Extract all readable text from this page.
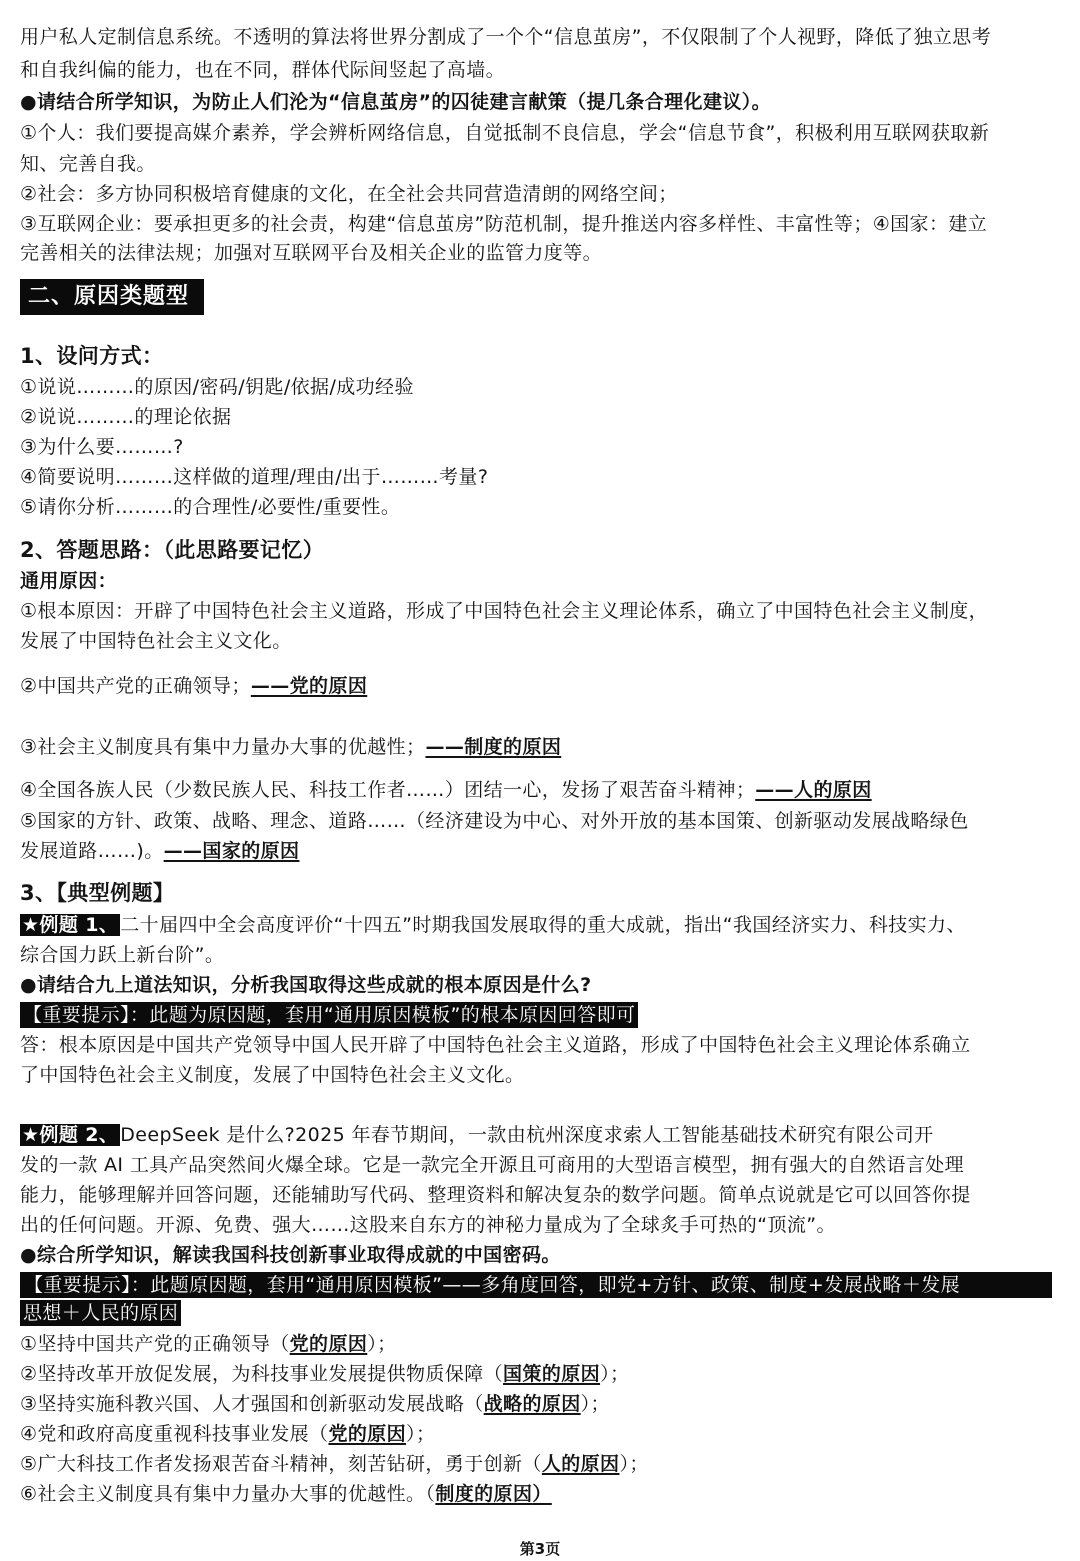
用户私人定制信息系统。不透明的算法将世界分割成了一个个“信息茧房”，不仅限制了个人视野，降低了独立思考
和自我纠偏的能力，也在不同，群体代际间竖起了高墙。
●请结合所学知识，为防止人们沦为“信息茧房”的囚徒建言献策（提几条合理化建议）。
①个人：我们要提高媒介素养，学会辨析网络信息，自觉抵制不良信息，学会“信息节食”，积极利用互联网获取新
知、完善自我。
②社会：多方协同积极培育健康的文化，在全社会共同营造清朗的网络空间；
③互联网企业：要承担更多的社会责，构建“信息茧房”防范机制，提升推送内容多样性、丰富性等；④国家：建立
完善相关的法律法规；加强对互联网平台及相关企业的监管力度等。
二、原因类题型
1、设问方式：
①说说………的原因/密码/钥匙/依据/成功经验
②说说………的理论依据
③为什么要………?
④简要说明………这样做的道理/理由/出于………考量?
⑤请你分析………的合理性/必要性/重要性。
2、答题思路：（此思路要记忆）
通用原因：
①根本原因：开辟了中国特色社会主义道路，形成了中国特色社会主义理论体系，确立了中国特色社会主义制度，
发展了中国特色社会主义文化。
②中国共产党的正确领导；——党的原因
③社会主义制度具有集中力量办大事的优越性；——制度的原因
④全国各族人民（少数民族人民、科技工作者……）团结一心，发扬了艰苦奋斗精神；——人的原因
⑤国家的方针、政策、战略、理念、道路……（经济建设为中心、对外开放的基本国策、创新驱动发展战略绿色
发展道路……)。——国家的原因
3、【典型例题】
★例题 1、 二十届四中全会高度评价“十四五”时期我国发展取得的重大成就，指出“我国经济实力、科技实力、
综合国力跃上新台阶”。
●请结合九上道法知识，分析我国取得这些成就的根本原因是什么?
【重要提示】：此题为原因题，套用“通用原因模板”的根本原因回答即可
答：根本原因是中国共产党领导中国人民开辟了中国特色社会主义道路，形成了中国特色社会主义理论体系确立
了中国特色社会主义制度，发展了中国特色社会主义文化。
★例题 2、 DeepSeek 是什么?2025 年春节期间，一款由杭州深度求索人工智能基础技术研究有限公司开
发的一款 AI 工具产品突然间火爆全球。它是一款完全开源且可商用的大型语言模型，拥有强大的自然语言处理
能力，能够理解并回答问题，还能辅助写代码、整理资料和解决复杂的数学问题。简单点说就是它可以回答你提
出的任何问题。开源、免费、强大……这股来自东方的神秘力量成为了全球炙手可热的“顶流”。
●综合所学知识，解读我国科技创新事业取得成就的中国密码。
【重要提示】：此题原因题，套用“通用原因模板”——多角度回答，即党+方针、政策、制度+发展战略＋发展
思想＋人民的原因
①坚持中国共产党的正确领导（党的原因）；
②坚持改革开放促发展，为科技事业发展提供物质保障（国策的原因）；
③坚持实施科教兴国、人才强国和创新驱动发展战略（战略的原因）；
④党和政府高度重视科技事业发展（党的原因）；
⑤广大科技工作者发扬艰苦奋斗精神，刻苦钻研，勇于创新（人的原因）；
⑥社会主义制度具有集中力量办大事的优越性。（制度的原因）
第3页
